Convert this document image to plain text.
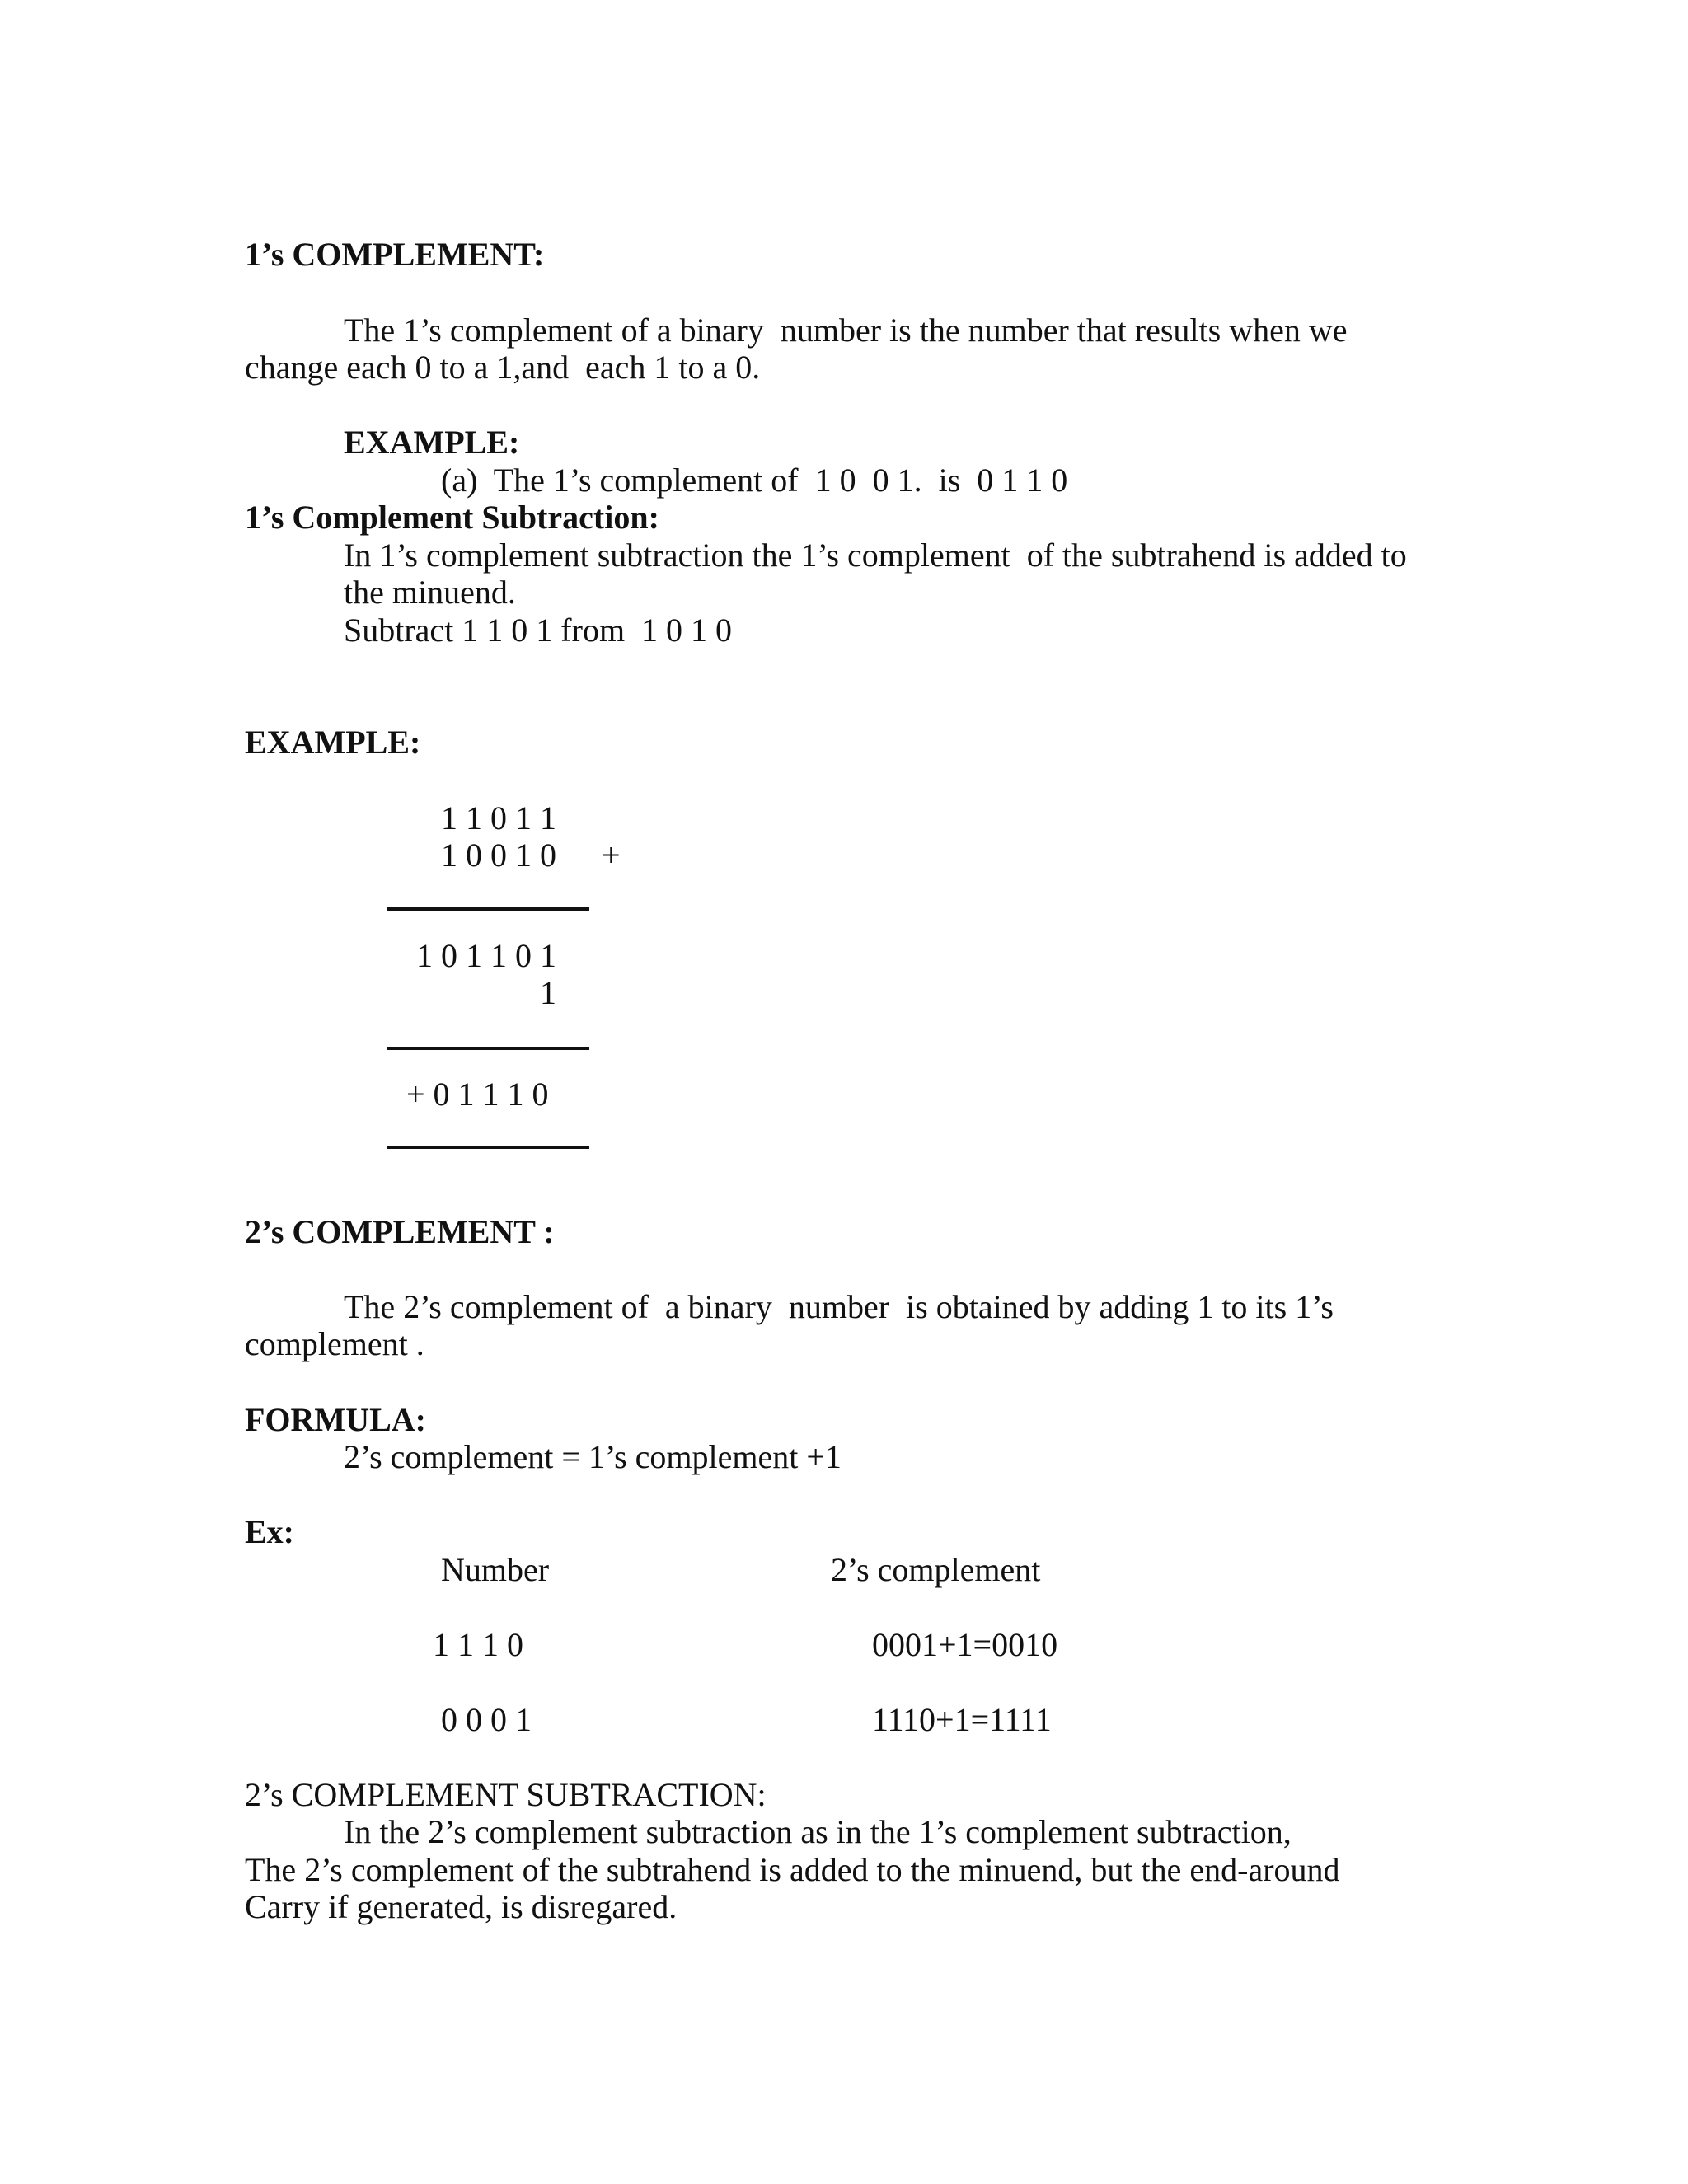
1’s COMPLEMENT:

The 1’s complement of a binary  number is the number that results when we

change each 0 to a 1,and  each 1 to a 0.

EXAMPLE:

(a)  The 1’s complement of  1 0  0 1.  is  0 1 1 0

1’s Complement Subtraction:

In 1’s complement subtraction the 1’s complement  of the subtrahend is added to

the minuend.

Subtract 1 1 0 1 from  1 0 1 0

EXAMPLE:

1 1 0 1 1

1 0 0 1 0 +

1 0 1 1 0 1

1

+ 0 1 1 1 0

2’s COMPLEMENT :

The 2’s complement of  a binary  number  is obtained by adding 1 to its 1’s

complement .

FORMULA:

2’s complement = 1’s complement +1

Ex:

Number	2’s complement

1 1 1 0	0001+1=0010

0 0 0 1	1110+1=1111

2’s COMPLEMENT SUBTRACTION:

In the 2’s complement subtraction as in the 1’s complement subtraction,

The 2’s complement of the subtrahend is added to the minuend, but the end-around

Carry if generated, is disregared.
